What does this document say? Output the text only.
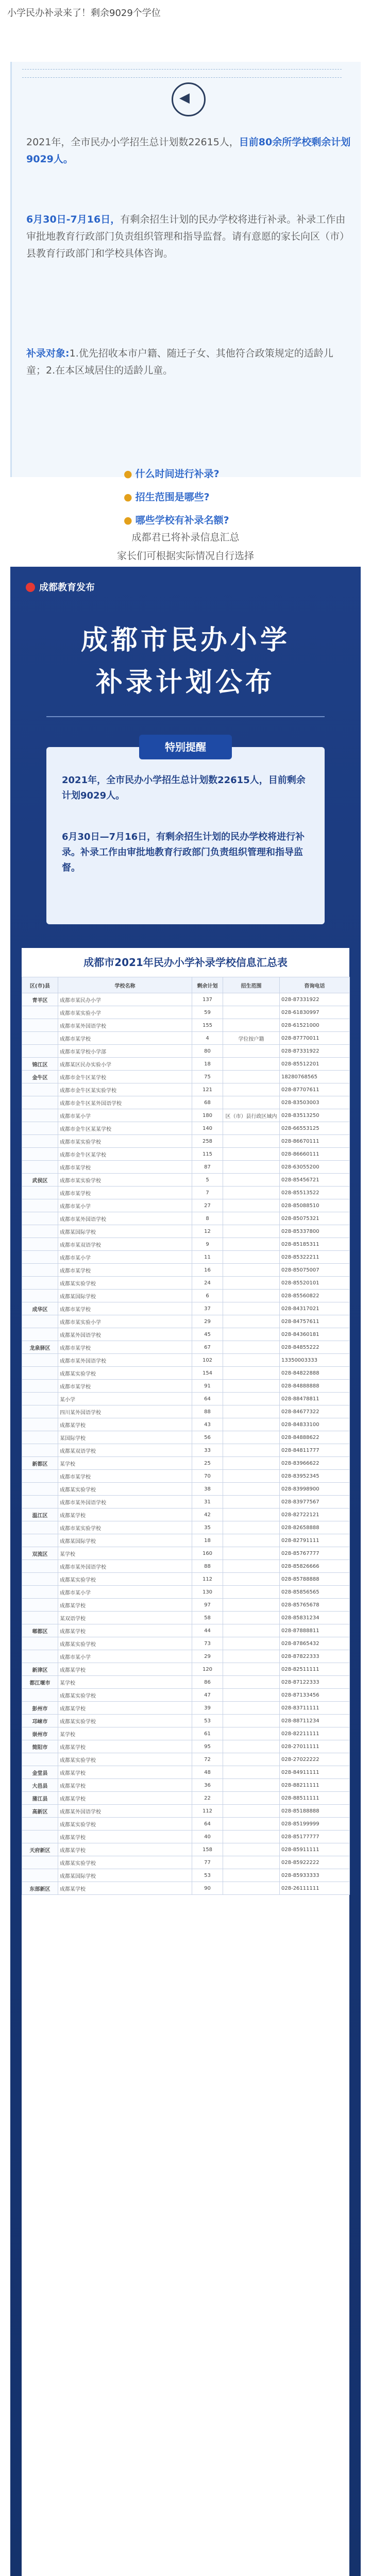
小学民办补录来了！剩余9029个学位
◀
2021年，全市民办小学招生总计划数22615人，目前80余所学校剩余计划9029人。
6月30日-7月16日，有剩余招生计划的民办学校将进行补录。补录工作由审批地教育行政部门负责组织管理和指导监督。请有意愿的家长向区（市）县教育行政部门和学校具体咨询。
补录对象:1.优先招收本市户籍、随迁子女、其他符合政策规定的适龄儿童；2.在本区域居住的适龄儿童。
● 什么时间进行补录?
● 招生范围是哪些?
● 哪些学校有补录名额?
成都君已将补录信息汇总
家长们可根据实际情况自行选择
成都教育发布
成都市民办小学
补录计划公布
特别提醒
2021年，全市民办小学招生总计划数22615人，目前剩余计划9029人。
6月30日—7月16日，有剩余招生计划的民办学校将进行补录。补录工作由审批地教育行政部门负责组织管理和指导监督。
成都市2021年民办小学补录学校信息汇总表
区(市)县	学校名称	剩余计划	招生范围	咨询电话
青羊区	成都市某民办小学	137		028-87331922
	成都市某实验小学	59		028-61830997
	成都市某外国语学校	155		028-61521000
	成都市某学校	4	学位按户籍	028-87770011
	成都市某学校小学部	80		028-87331922
锦江区	成都某区民办实验小学	18		028-85512201
金牛区	成都市金牛区某学校	75		18280768565
	成都市金牛区某实验学校	121		028-87707611
	成都市金牛区某外国语学校	68		028-83503003
	成都市某小学	180	区（市）县行政区域内	028-83513250
	成都市金牛区某某学校	140		028-66553125
	成都市某实验学校	258		028-86670111
	成都市金牛区某学校	115		028-86660111
	成都市某学校	87		028-63055200
武侯区	成都市某实验学校	5		028-85456721
	成都市某学校	7		028-85513522
	成都市某小学	27		028-85088510
	成都市某外国语学校	8		028-85075321
	成都某国际学校	12		028-85337800
	成都市某双语学校	9		028-85185311
	成都市某小学	11		028-85322211
	成都市某学校	16		028-85075007
	成都某实验学校	24		028-85520101
	成都某国际学校	6		028-85560822
成华区	成都市某学校	37		028-84317021
	成都市某实验小学	29		028-84757611
	成都某外国语学校	45		028-84360181
龙泉驿区	成都市某学校	67		028-84855222
	成都市某外国语学校	102		13350003333
	成都某实验学校	154		028-84822888
	成都市某学校	91		028-84888888
	某小学	64		028-88478811
	四川某外国语学校	88		028-84677322
	成都某学校	43		028-84833100
	某国际学校	56		028-84888622
	成都某双语学校	33		028-84811777
新都区	某学校	25		028-83966622
	成都市某学校	70		028-83952345
	成都某实验学校	38		028-83998900
	成都市某外国语学校	31		028-83977567
温江区	成都某学校	42		028-82722121
	成都市某实验学校	35		028-82658888
	成都某国际学校	18		028-82791111
双流区	某学校	160		028-85767777
	成都市某外国语学校	88		028-85826666
	成都某实验学校	112		028-85788888
	成都市某小学	130		028-85856565
	成都某学校	97		028-85765678
	某双语学校	58		028-85831234
郫都区	成都某学校	44		028-87888811
	成都某实验学校	73		028-87865432
	成都市某小学	29		028-87822333
新津区	成都某学校	120		028-82511111
都江堰市	某学校	86		028-87122333
	成都某实验学校	47		028-87133456
彭州市	成都某学校	39		028-83711111
邛崃市	成都某实验学校	53		028-88711234
崇州市	某学校	61		028-82211111
简阳市	成都某学校	95		028-27011111
	成都某实验学校	72		028-27022222
金堂县	成都某学校	48		028-84911111
大邑县	成都某学校	36		028-88211111
蒲江县	成都某学校	22		028-88511111
高新区	成都某外国语学校	112		028-85188888
	成都某实验学校	64		028-85199999
	成都某学校	40		028-85177777
天府新区	成都某学校	158		028-85911111
	成都某实验学校	77		028-85922222
	成都某国际学校	53		028-85933333
东部新区	成都某学校	90		028-26111111
